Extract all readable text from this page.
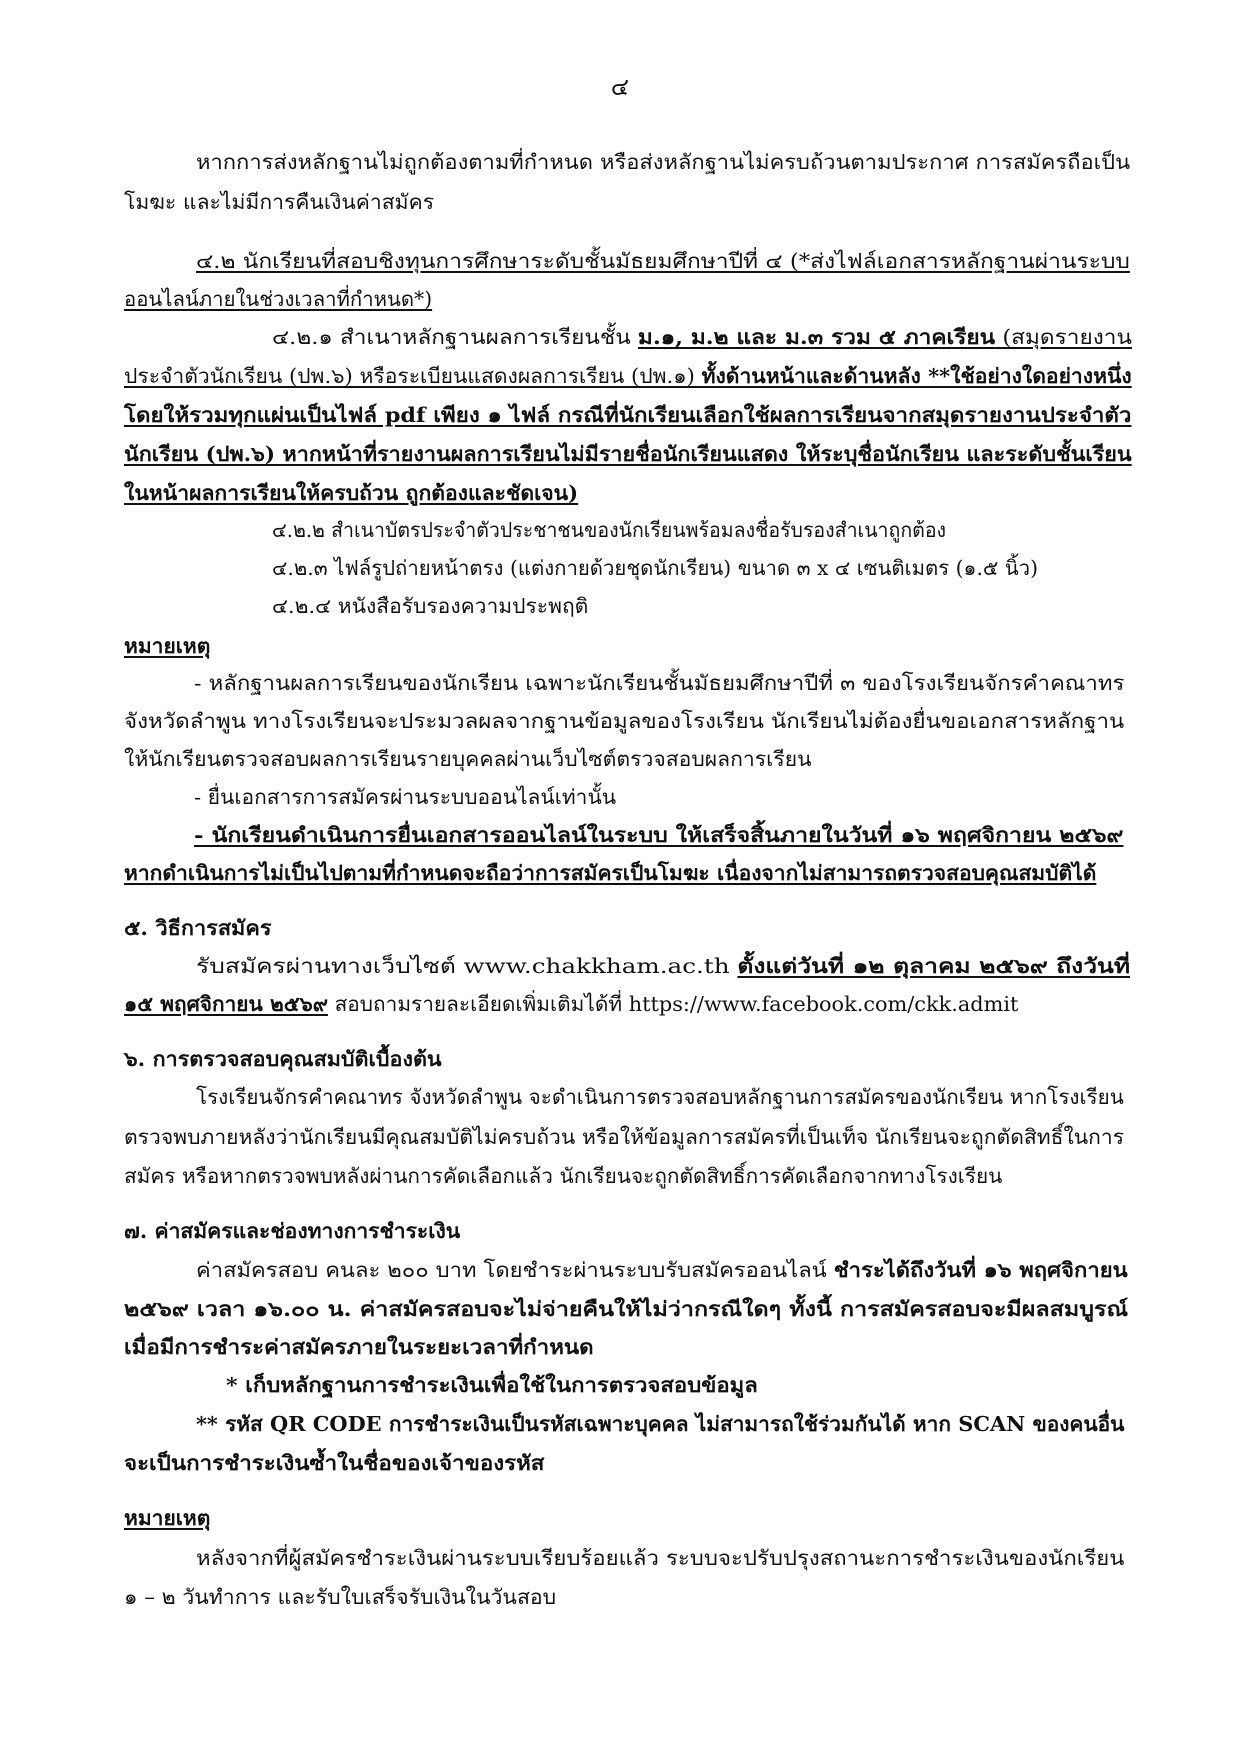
๔
หากการส่งหลักฐานไม่ถูกต้องตามที่กำหนด หรือส่งหลักฐานไม่ครบถ้วนตามประกาศ การสมัครถือเป็น
โมฆะ และไม่มีการคืนเงินค่าสมัคร
๔.๒ นักเรียนที่สอบชิงทุนการศึกษาระดับชั้นมัธยมศึกษาปีที่ ๔ (*ส่งไฟล์เอกสารหลักฐานผ่านระบบ
ออนไลน์ภายในช่วงเวลาที่กำหนด*)
๔.๒.๑ สำเนาหลักฐานผลการเรียนชั้น ม.๑, ม.๒ และ ม.๓ รวม ๕ ภาคเรียน (สมุดรายงาน
ประจำตัวนักเรียน (ปพ.๖) หรือระเบียนแสดงผลการเรียน (ปพ.๑) ทั้งด้านหน้าและด้านหลัง **ใช้อย่างใดอย่างหนึ่ง
โดยให้รวมทุกแผ่นเป็นไฟล์ pdf เพียง ๑ ไฟล์ กรณีที่นักเรียนเลือกใช้ผลการเรียนจากสมุดรายงานประจำตัว
นักเรียน (ปพ.๖) หากหน้าที่รายงานผลการเรียนไม่มีรายชื่อนักเรียนแสดง ให้ระบุชื่อนักเรียน และระดับชั้นเรียน
ในหน้าผลการเรียนให้ครบถ้วน ถูกต้องและชัดเจน)
๔.๒.๒ สำเนาบัตรประจำตัวประชาชนของนักเรียนพร้อมลงชื่อรับรองสำเนาถูกต้อง
๔.๒.๓ ไฟล์รูปถ่ายหน้าตรง (แต่งกายด้วยชุดนักเรียน) ขนาด ๓ x ๔ เซนติเมตร (๑.๕ นิ้ว)
๔.๒.๔ หนังสือรับรองความประพฤติ
หมายเหตุ
- หลักฐานผลการเรียนของนักเรียน เฉพาะนักเรียนชั้นมัธยมศึกษาปีที่ ๓ ของโรงเรียนจักรคำคณาทร
จังหวัดลำพูน ทางโรงเรียนจะประมวลผลจากฐานข้อมูลของโรงเรียน นักเรียนไม่ต้องยื่นขอเอกสารหลักฐาน
ให้นักเรียนตรวจสอบผลการเรียนรายบุคคลผ่านเว็บไซต์ตรวจสอบผลการเรียน
- ยื่นเอกสารการสมัครผ่านระบบออนไลน์เท่านั้น
- นักเรียนดำเนินการยื่นเอกสารออนไลน์ในระบบ ให้เสร็จสิ้นภายในวันที่ ๑๖ พฤศจิกายน ๒๕๖๙
หากดำเนินการไม่เป็นไปตามที่กำหนดจะถือว่าการสมัครเป็นโมฆะ เนื่องจากไม่สามารถตรวจสอบคุณสมบัติได้
๕. วิธีการสมัคร
รับสมัครผ่านทางเว็บไซต์ www.chakkham.ac.th ตั้งแต่วันที่ ๑๒ ตุลาคม ๒๕๖๙ ถึงวันที่
๑๕ พฤศจิกายน ๒๕๖๙ สอบถามรายละเอียดเพิ่มเติมได้ที่ https://www.facebook.com/ckk.admit
๖. การตรวจสอบคุณสมบัติเบื้องต้น
โรงเรียนจักรคำคณาทร จังหวัดลำพูน จะดำเนินการตรวจสอบหลักฐานการสมัครของนักเรียน หากโรงเรียน
ตรวจพบภายหลังว่านักเรียนมีคุณสมบัติไม่ครบถ้วน หรือให้ข้อมูลการสมัครที่เป็นเท็จ นักเรียนจะถูกตัดสิทธิ์ในการ
สมัคร หรือหากตรวจพบหลังผ่านการคัดเลือกแล้ว นักเรียนจะถูกตัดสิทธิ์การคัดเลือกจากทางโรงเรียน
๗. ค่าสมัครและช่องทางการชำระเงิน
ค่าสมัครสอบ คนละ ๒๐๐ บาท โดยชำระผ่านระบบรับสมัครออนไลน์ ชำระได้ถึงวันที่ ๑๖ พฤศจิกายน
๒๕๖๙ เวลา ๑๖.๐๐ น. ค่าสมัครสอบจะไม่จ่ายคืนให้ไม่ว่ากรณีใดๆ ทั้งนี้ การสมัครสอบจะมีผลสมบูรณ์
เมื่อมีการชำระค่าสมัครภายในระยะเวลาที่กำหนด
* เก็บหลักฐานการชำระเงินเพื่อใช้ในการตรวจสอบข้อมูล
** รหัส QR CODE การชำระเงินเป็นรหัสเฉพาะบุคคล ไม่สามารถใช้ร่วมกันได้ หาก SCAN ของคนอื่น
จะเป็นการชำระเงินซ้ำในชื่อของเจ้าของรหัส
หมายเหตุ
หลังจากที่ผู้สมัครชำระเงินผ่านระบบเรียบร้อยแล้ว ระบบจะปรับปรุงสถานะการชำระเงินของนักเรียน
๑ – ๒ วันทำการ และรับใบเสร็จรับเงินในวันสอบ
